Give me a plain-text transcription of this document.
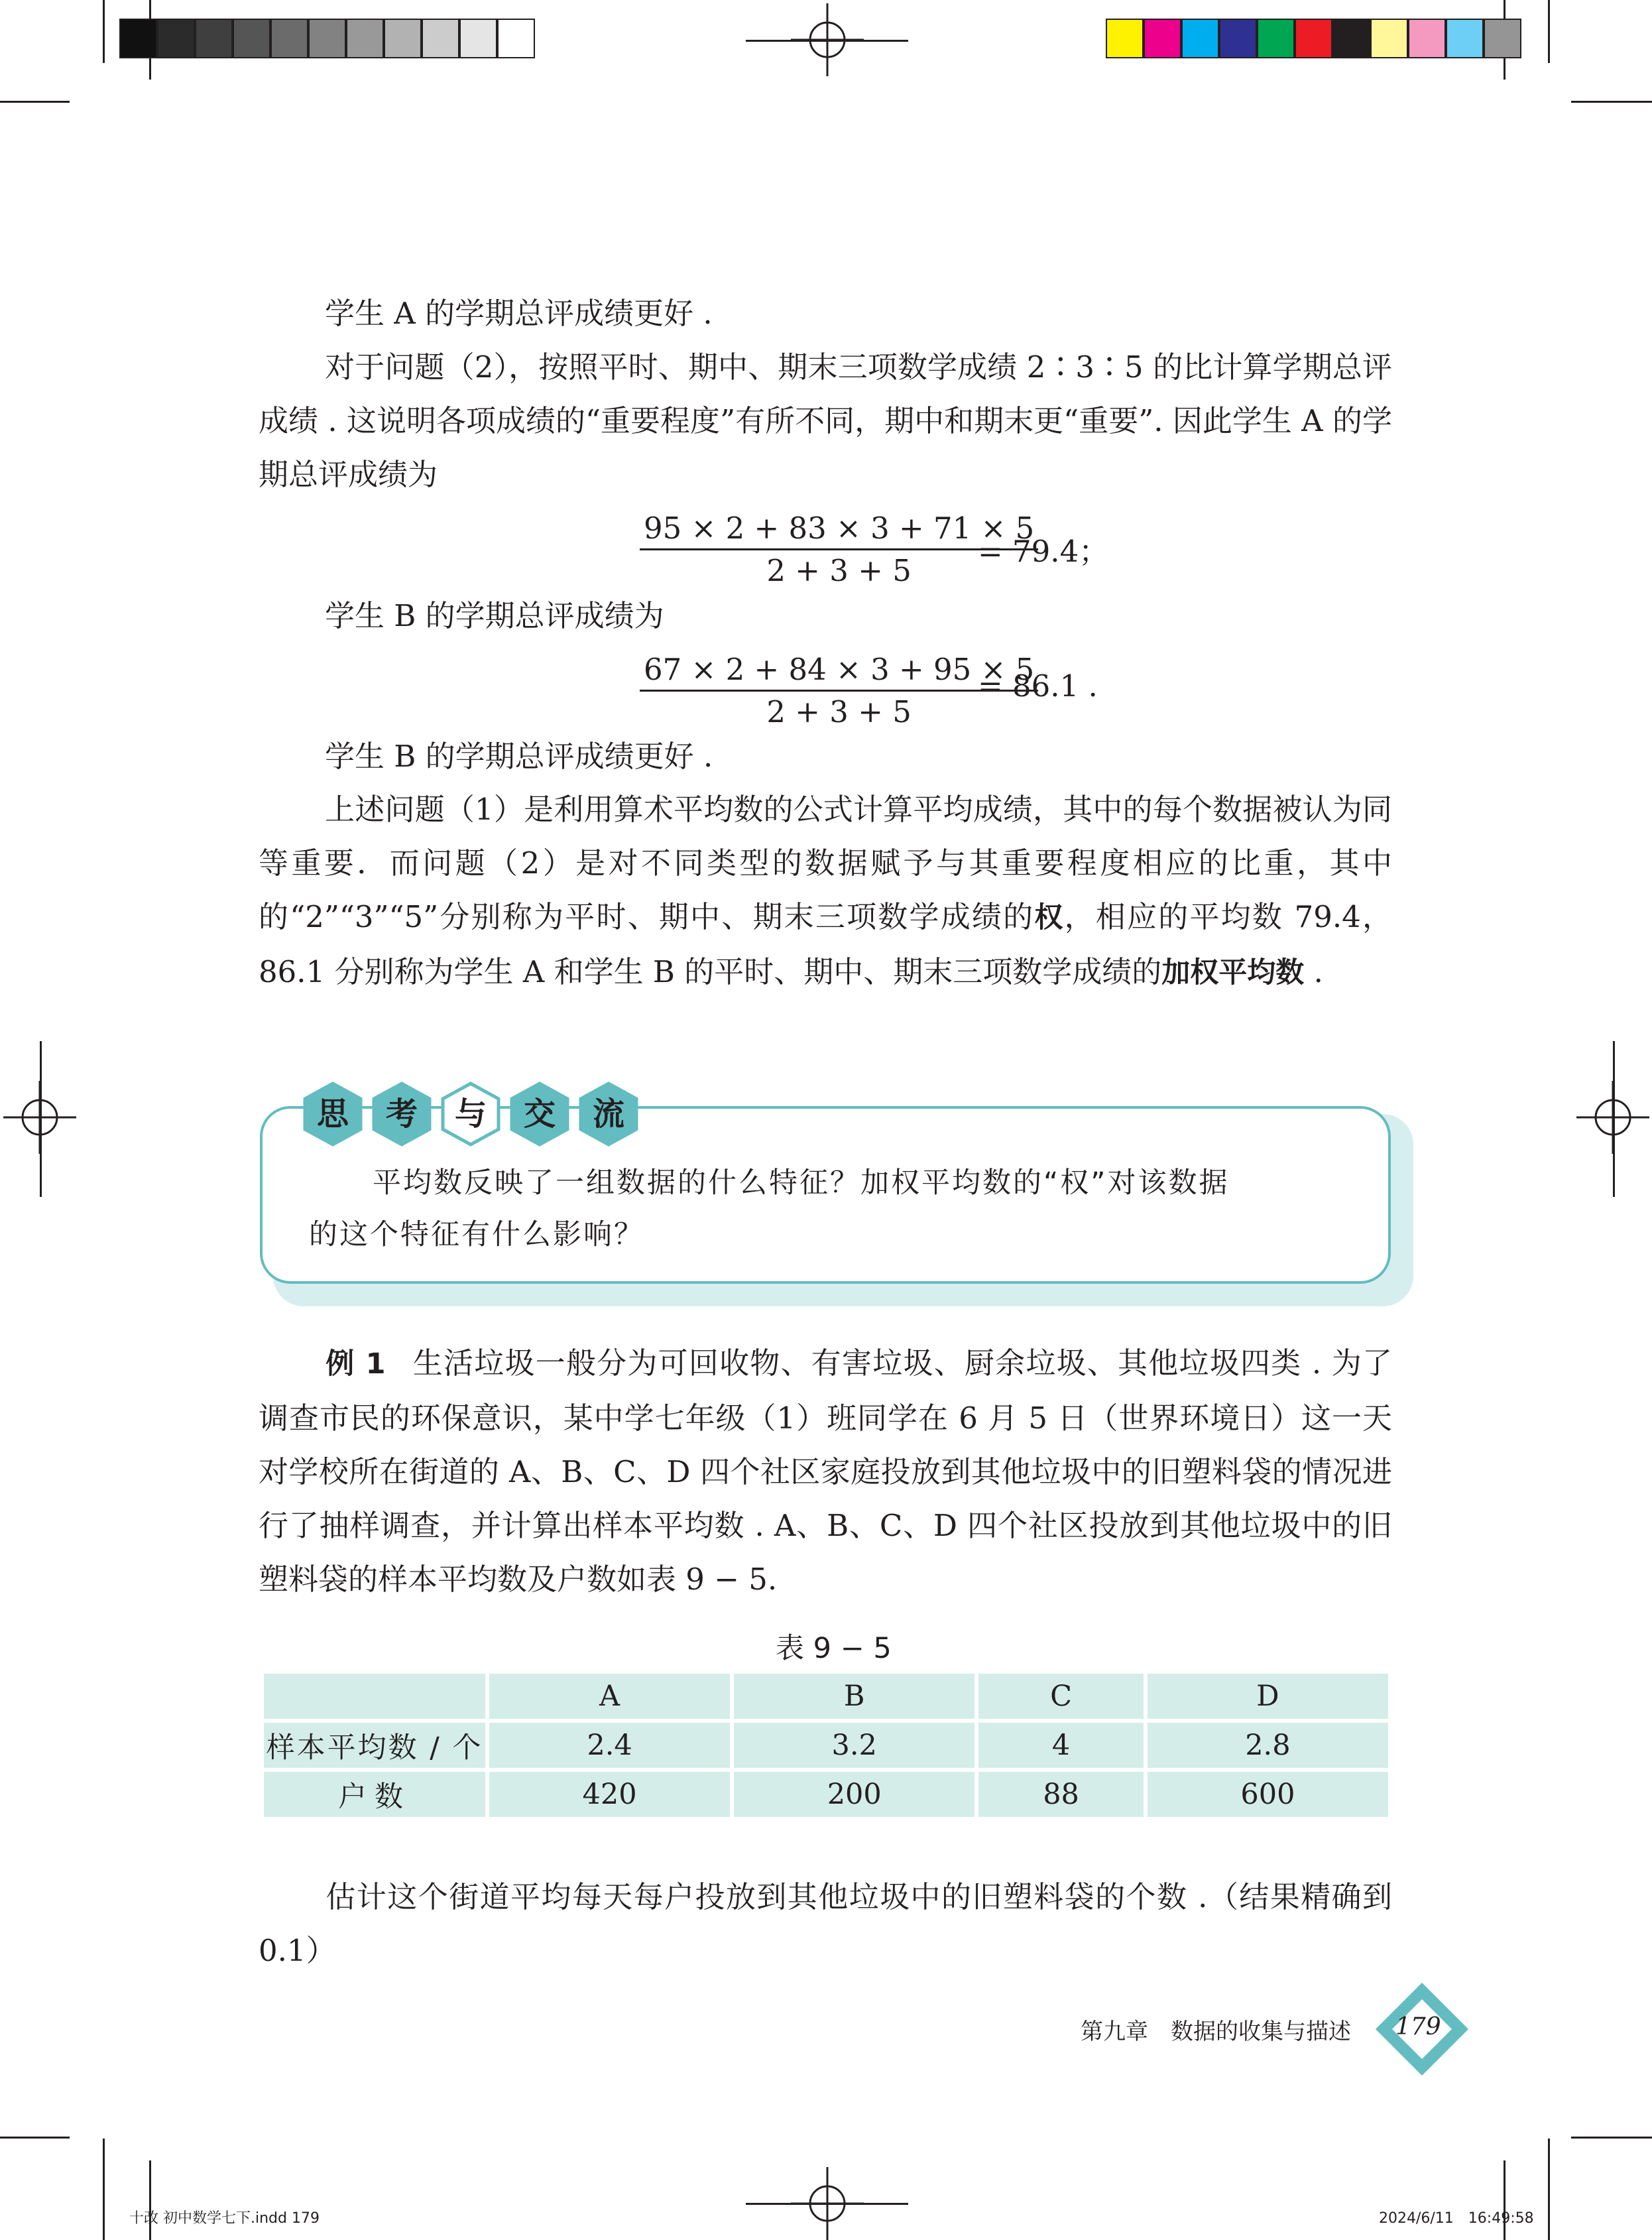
学生 A 的学期总评成绩更好 .
对于问题（2），按照平时、期中、期末三项数学成绩 2∶3∶5 的比计算学期总评成绩 . 这说明各项成绩的“重要程度”有所不同，期中和期末更“重要”. 因此学生 A 的学期总评成绩为
$\frac{95 \times 2 + 83 \times 3 + 71 \times 5}{2 + 3 + 5}$
= 79.4；
学生 B 的学期总评成绩为
$\frac{67 \times 2 + 84 \times 3 + 95 \times 5}{2 + 3 + 5}$
= 86.1 .
学生 B 的学期总评成绩更好 .
上述问题（1）是利用算术平均数的公式计算平均成绩，其中的每个数据被认为同等重要．而问题（2）是对不同类型的数据赋予与其重要程度相应的比重，其中的“2”“3”“5”分别称为平时、期中、期末三项数学成绩的权，相应的平均数 79.4，86.1 分别称为学生 A 和学生 B 的平时、期中、期末三项数学成绩的加权平均数 .
思	考	与	交	流
平均数反映了一组数据的什么特征？加权平均数的“权”对该数据
的这个特征有什么影响？
例 1 生活垃圾一般分为可回收物、有害垃圾、厨余垃圾、其他垃圾四类 . 为了调查市民的环保意识，某中学七年级（1）班同学在 6 月 5 日（世界环境日）这一天对学校所在街道的 A、B、C、D 四个社区家庭投放到其他垃圾中的旧塑料袋的情况进行了抽样调查，并计算出样本平均数 . A、B、C、D 四个社区投放到其他垃圾中的旧塑料袋的样本平均数及户数如表 9 − 5.
表 9 − 5
	A	B	C	D
样本平均数 / 个	2.4	3.2	4	2.8
户数	420	200	88	600
估计这个街道平均每天每户投放到其他垃圾中的旧塑料袋的个数 .（结果精确到 0.1）
第九章　数据的收集与描述 179
十改 初中数学七下.indd 179	2024/6/11　16:49:58
